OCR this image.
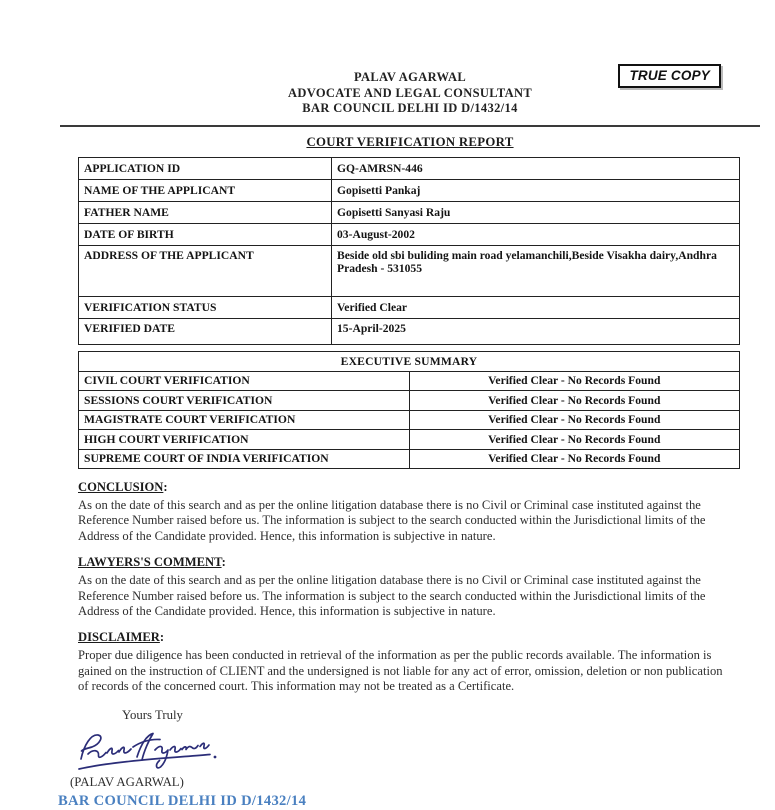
TRUE COPY
PALAV AGARWAL
ADVOCATE AND LEGAL CONSULTANT
BAR COUNCIL DELHI ID D/1432/14
COURT VERIFICATION REPORT
APPLICATION ID	GQ-AMRSN-446
NAME OF THE APPLICANT	Gopisetti Pankaj
FATHER NAME	Gopisetti Sanyasi Raju
DATE OF BIRTH	03-August-2002
ADDRESS OF THE APPLICANT	Beside old sbi buliding main road yelamanchili,Beside Visakha dairy,Andhra Pradesh - 531055
VERIFICATION STATUS	Verified Clear
VERIFIED DATE	15-April-2025
EXECUTIVE SUMMARY	
CIVIL COURT VERIFICATION	Verified Clear - No Records Found
SESSIONS COURT VERIFICATION	Verified Clear - No Records Found
MAGISTRATE COURT VERIFICATION	Verified Clear - No Records Found
HIGH COURT VERIFICATION	Verified Clear - No Records Found
SUPREME COURT OF INDIA VERIFICATION	Verified Clear - No Records Found
CONCLUSION:
As on the date of this search and as per the online litigation database there is no Civil or Criminal case instituted against the Reference Number raised before us. The information is subject to the search conducted within the Jurisdictional limits of the Address of the Candidate provided. Hence, this information is subjective in nature.
LAWYERS'S COMMENT:
As on the date of this search and as per the online litigation database there is no Civil or Criminal case instituted against the Reference Number raised before us. The information is subject to the search conducted within the Jurisdictional limits of the Address of the Candidate provided. Hence, this information is subjective in nature.
DISCLAIMER:
Proper due diligence has been conducted in retrieval of the information as per the public records available. The information is gained on the instruction of CLIENT and the undersigned is not liable for any act of error, omission, deletion or non publication of records of the concerned court. This information may not be treated as a Certificate.
Yours Truly
(PALAV AGARWAL)
BAR COUNCIL DELHI ID D/1432/14
